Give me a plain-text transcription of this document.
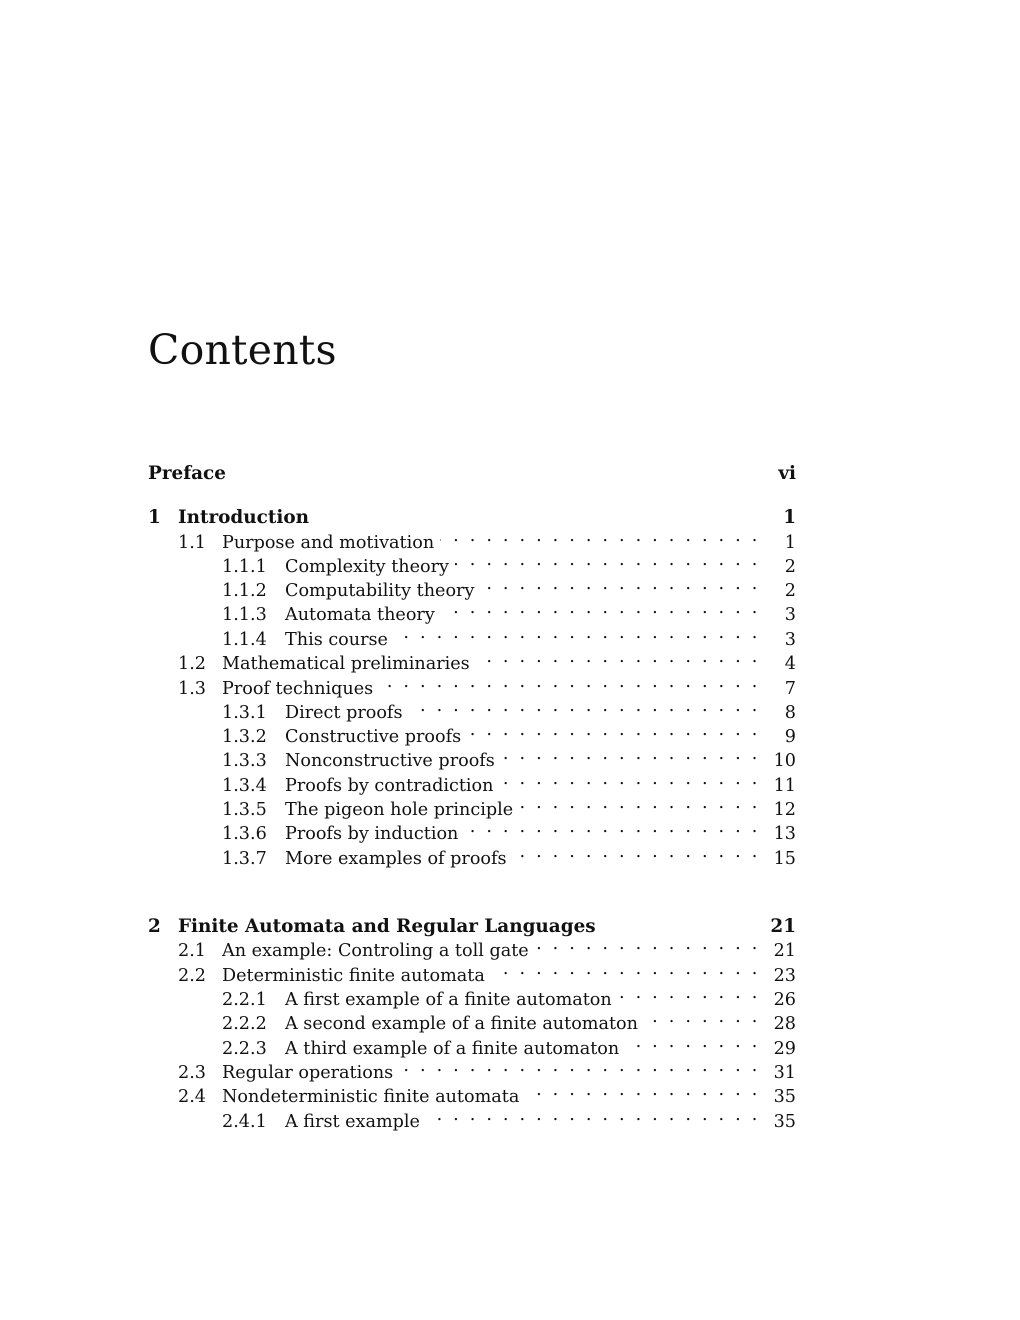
Contents
Preface	vi
1 Introduction	1
1.1 Purpose and motivation . . .	1
1.1.1	Complexity theory . . .	2
1.1.2	Computability theory . . .	2
1.1.3	Automata theory . . .	3
1.1.4	This course . . .	3
1.2 Mathematical preliminaries . . .	4
1.3 Proof techniques . . .	7
1.3.1	Direct proofs . . .	8
1.3.2	Constructive proofs . . .	9
1.3.3	Nonconstructive proofs . . .	10
1.3.4	Proofs by contradiction . . .	11
1.3.5	The pigeon hole principle . . .	12
1.3.6	Proofs by induction . . .	13
1.3.7	More examples of proofs . . .	15
2 Finite Automata and Regular Languages	21
2.1 An example: Controling a toll gate . . .	21
2.2 Deterministic finite automata . . .	23
2.2.1	A first example of a finite automaton . . .	26
2.2.2	A second example of a finite automaton . . .	28
2.2.3	A third example of a finite automaton . . .	29
2.3 Regular operations . . .	31
2.4 Nondeterministic finite automata . . .	35
2.4.1	A first example . . .	35
